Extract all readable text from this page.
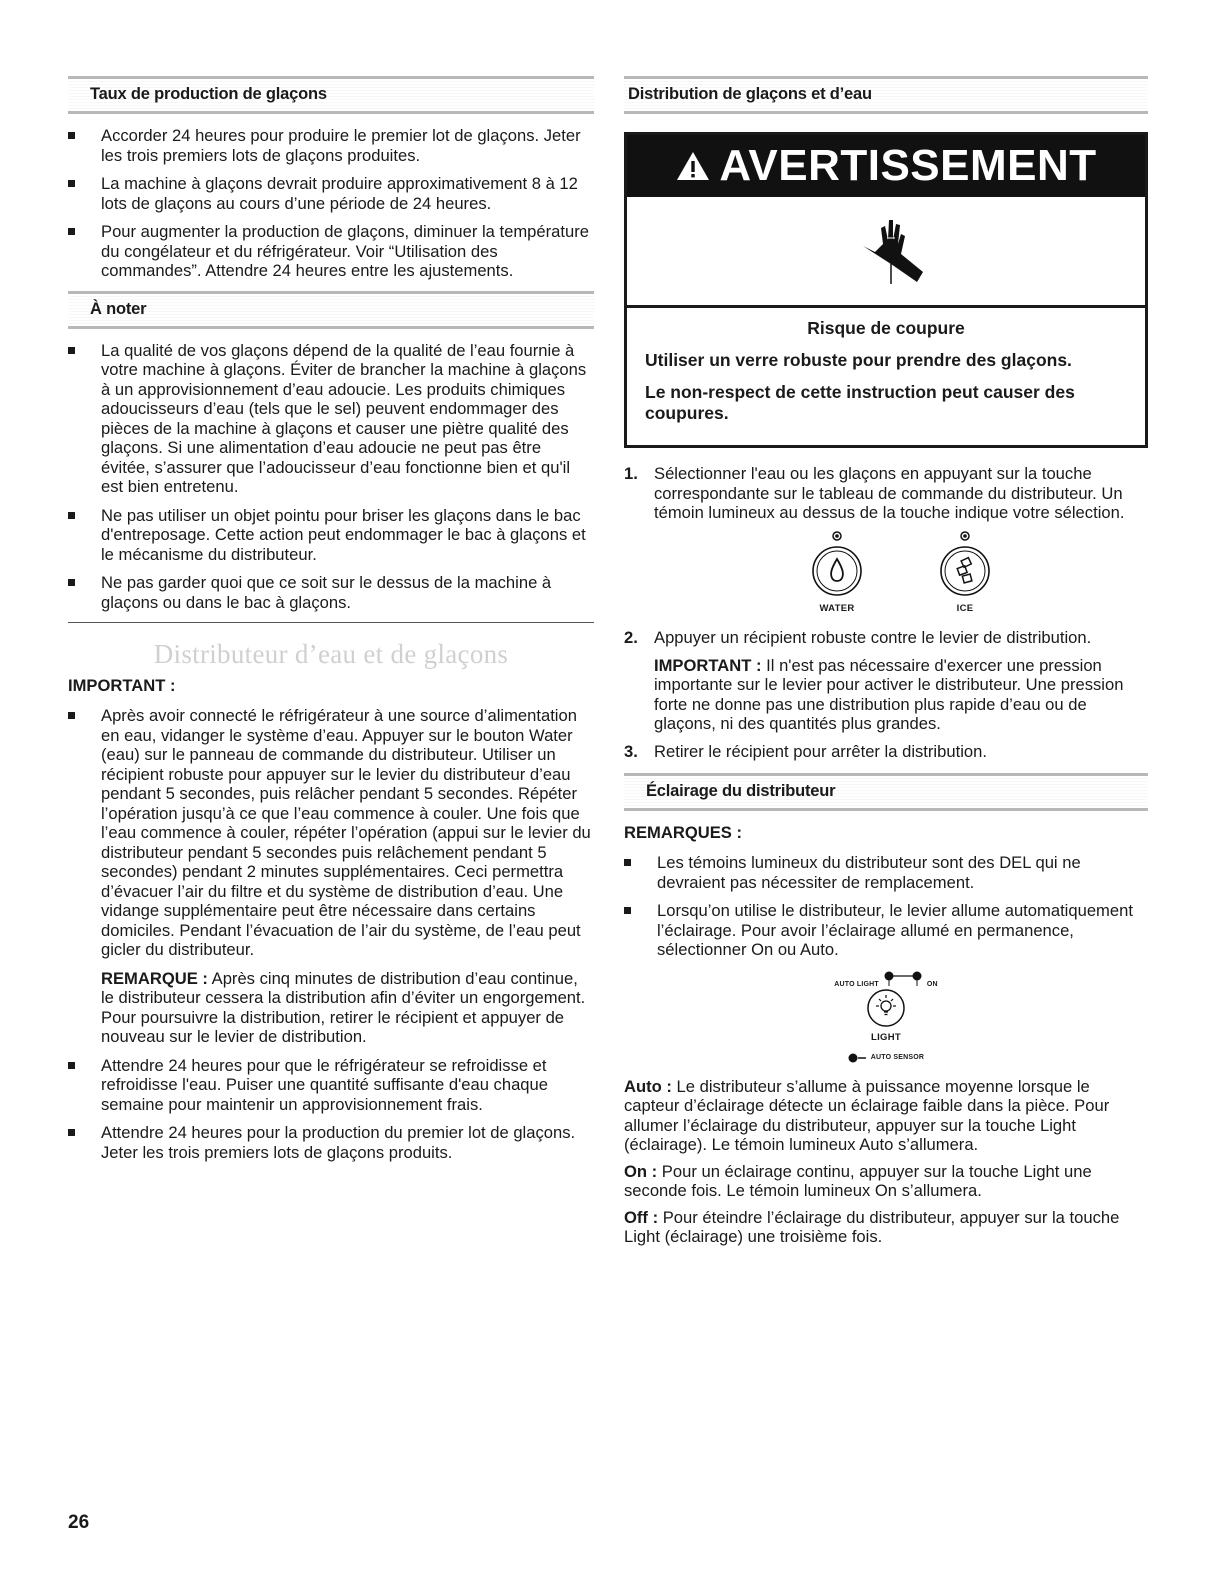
Taux de production de glaçons
Accorder 24 heures pour produire le premier lot de glaçons. Jeter les trois premiers lots de glaçons produites.
La machine à glaçons devrait produire approximativement 8 à 12 lots de glaçons au cours d’une période de 24 heures.
Pour augmenter la production de glaçons, diminuer la température du congélateur et du réfrigérateur. Voir “Utilisation des commandes”. Attendre 24 heures entre les ajustements.
À noter
La qualité de vos glaçons dépend de la qualité de l’eau fournie à votre machine à glaçons. Éviter de brancher la machine à glaçons à un approvisionnement d’eau adoucie. Les produits chimiques adoucisseurs d’eau (tels que le sel) peuvent endommager des pièces de la machine à glaçons et causer une piètre qualité des glaçons. Si une alimentation d’eau adoucie ne peut pas être évitée, s’assurer que l’adoucisseur d’eau fonctionne bien et qu'il est bien entretenu.
Ne pas utiliser un objet pointu pour briser les glaçons dans le bac d'entreposage. Cette action peut endommager le bac à glaçons et le mécanisme du distributeur.
Ne pas garder quoi que ce soit sur le dessus de la machine à glaçons ou dans le bac à glaçons.
Distributeur d’eau et de glaçons
IMPORTANT :
Après avoir connecté le réfrigérateur à une source d’alimentation en eau, vidanger le système d’eau. Appuyer sur le bouton Water (eau) sur le panneau de commande du distributeur. Utiliser un récipient robuste pour appuyer sur le levier du distributeur d’eau pendant 5 secondes, puis relâcher pendant 5 secondes. Répéter l’opération jusqu’à ce que l’eau commence à couler. Une fois que l’eau commence à couler, répéter l’opération (appui sur le levier du distributeur pendant 5 secondes puis relâchement pendant 5 secondes) pendant 2 minutes supplémentaires. Ceci permettra d’évacuer l’air du filtre et du système de distribution d’eau. Une vidange supplémentaire peut être nécessaire dans certains domiciles. Pendant l’évacuation de l’air du système, de l’eau peut gicler du distributeur.

REMARQUE : Après cinq minutes de distribution d’eau continue, le distributeur cessera la distribution afin d’éviter un engorgement. Pour poursuivre la distribution, retirer le récipient et appuyer de nouveau sur le levier de distribution.

Attendre 24 heures pour que le réfrigérateur se refroidisse et refroidisse l'eau. Puiser une quantité suffisante d'eau chaque semaine pour maintenir un approvisionnement frais.
Attendre 24 heures pour la production du premier lot de glaçons. Jeter les trois premiers lots de glaçons produits.
Distribution de glaçons et d’eau
AVERTISSEMENT
Risque de coupure

Utiliser un verre robuste pour prendre des glaçons.

Le non-respect de cette instruction peut causer des coupures.

1. Sélectionner l'eau ou les glaçons en appuyant sur la touche correspondante sur le tableau de commande du distributeur. Un témoin lumineux au dessus de la touche indique votre sélection.
WATER	ICE
2. Appuyer un récipient robuste contre le levier de distribution.

IMPORTANT : Il n'est pas nécessaire d'exercer une pression importante sur le levier pour activer le distributeur. Une pression forte ne donne pas une distribution plus rapide d’eau ou de glaçons, ni des quantités plus grandes.

3. Retirer le récipient pour arrêter la distribution.
Éclairage du distributeur
REMARQUES :
Les témoins lumineux du distributeur sont des DEL qui ne devraient pas nécessiter de remplacement.
Lorsqu’on utilise le distributeur, le levier allume automatiquement l’éclairage. Pour avoir l’éclairage allumé en permanence, sélectionner On ou Auto.
AUTO LIGHT	ON
LIGHT
AUTO SENSOR

Auto : Le distributeur s’allume à puissance moyenne lorsque le capteur d’éclairage détecte un éclairage faible dans la pièce. Pour allumer l’éclairage du distributeur, appuyer sur la touche Light (éclairage). Le témoin lumineux Auto s’allumera.

On : Pour un éclairage continu, appuyer sur la touche Light une seconde fois. Le témoin lumineux On s’allumera.

Off : Pour éteindre l’éclairage du distributeur, appuyer sur la touche Light (éclairage) une troisième fois.

26
